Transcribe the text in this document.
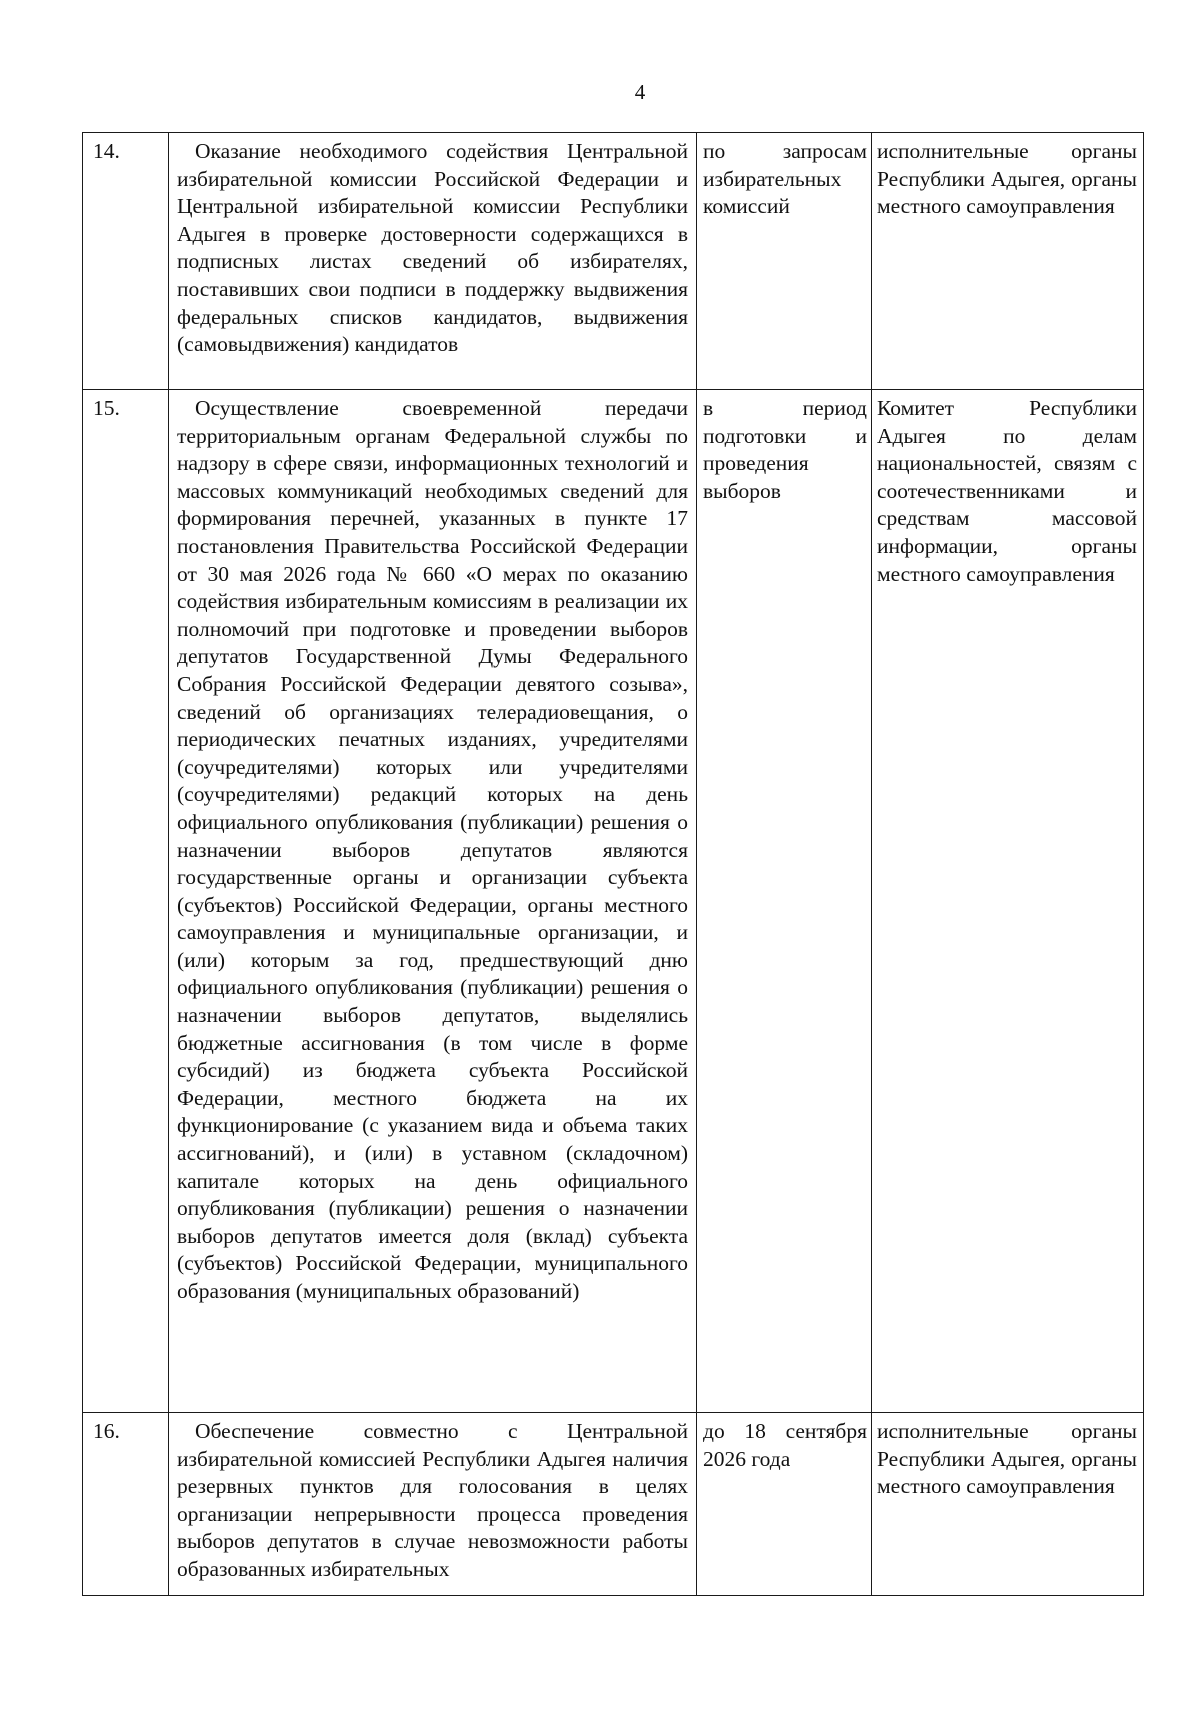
4
14.	Оказание необходимого содействия Центральной избирательной комиссии Российской Федерации и Центральной избирательной комиссии Республики Адыгея в проверке достоверности содержащихся в подписных листах сведений об избирателях, поставивших свои подписи в поддержку выдвижения федеральных списков кандидатов, выдвижения (самовыдвижения) кандидатов	по запросам избирательных комиссий	исполнительные органы Республики Адыгея, органы местного самоуправления
15.	Осуществление своевременной передачи территориальным органам Федеральной службы по надзору в сфере связи, информационных технологий и массовых коммуникаций необходимых сведений для формирования перечней, указанных в пункте 17 постановления Правительства Российской Федерации от 30 мая 2026 года № 660 «О мерах по оказанию содействия избирательным комиссиям в реализации их полномочий при подготовке и проведении выборов депутатов Государственной Думы Федерального Собрания Российской Федерации девятого созыва», сведений об организациях телерадиовещания, о периодических печатных изданиях, учредителями (соучредителями) которых или учредителями (соучредителями) редакций которых на день официального опубликования (публикации) решения о назначении выборов депутатов являются государственные органы и организации субъекта (субъектов) Российской Федерации, органы местного самоуправления и муниципальные организации, и (или) которым за год, предшествующий дню официального опубликования (публикации) решения о назначении выборов депутатов, выделялись бюджетные ассигнования (в том числе в форме субсидий) из бюджета субъекта Российской Федерации, местного бюджета на их функционирование (с указанием вида и объема таких ассигнований), и (или) в уставном (складочном) капитале которых на день официального опубликования (публикации) решения о назначении выборов депутатов имеется доля (вклад) субъекта (субъектов) Российской Федерации, муниципального образования (муниципальных образований)	в период подготовки и проведения выборов	Комитет Республики Адыгея по делам национальностей, связям с соотечественниками и средствам массовой информации, органы местного самоуправления
16.	Обеспечение совместно с Центральной избирательной комиссией Республики Адыгея наличия резервных пунктов для голосования в целях организации непрерывности процесса проведения выборов депутатов в случае невозможности работы образованных избирательных	до 18 сентября 2026 года	исполнительные органы Республики Адыгея, органы местного самоуправления
